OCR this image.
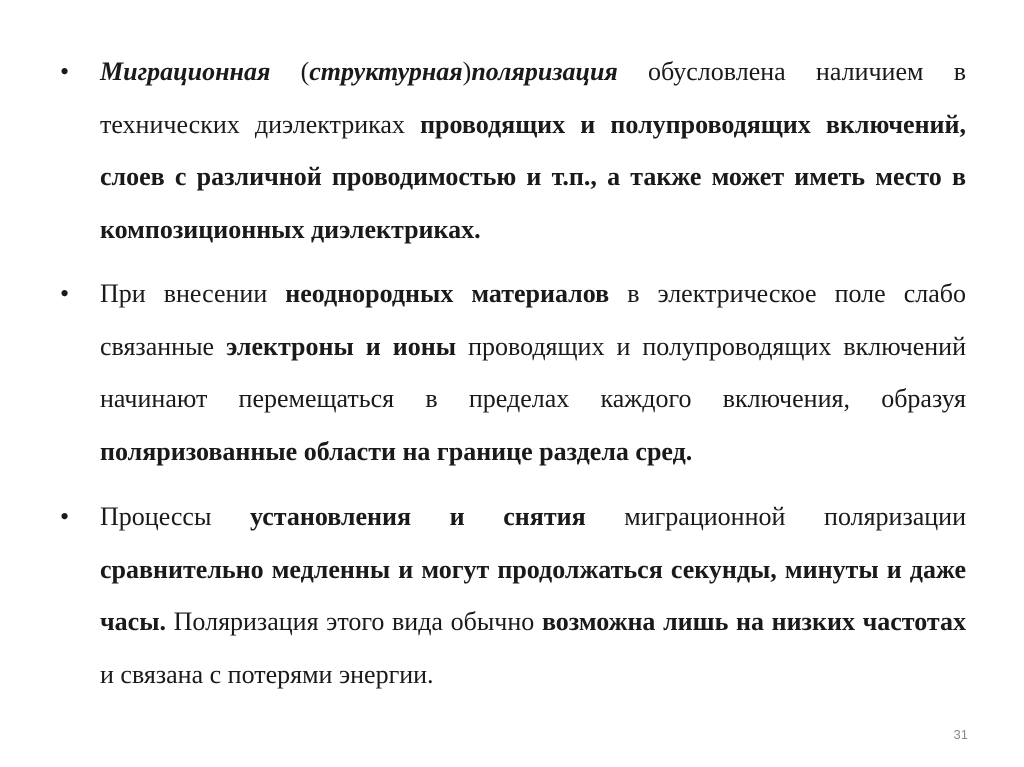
• Миграционная (структурная)поляризация обусловлена наличием в технических диэлектриках проводящих и полупроводящих включений, слоев с различной проводимостью и т.п., а также может иметь место в композиционных диэлектриках.

• При внесении неоднородных материалов в электрическое поле слабо связанные электроны и ионы проводящих и полупроводящих включений начинают перемещаться в пределах каждого включения, образуя поляризованные области на границе раздела сред.

• Процессы установления и снятия миграционной поляризации сравнительно медленны и могут продолжаться секунды, минуты и даже часы. Поляризация этого вида обычно возможна лишь на низких частотах и связана с потерями энергии.

31
